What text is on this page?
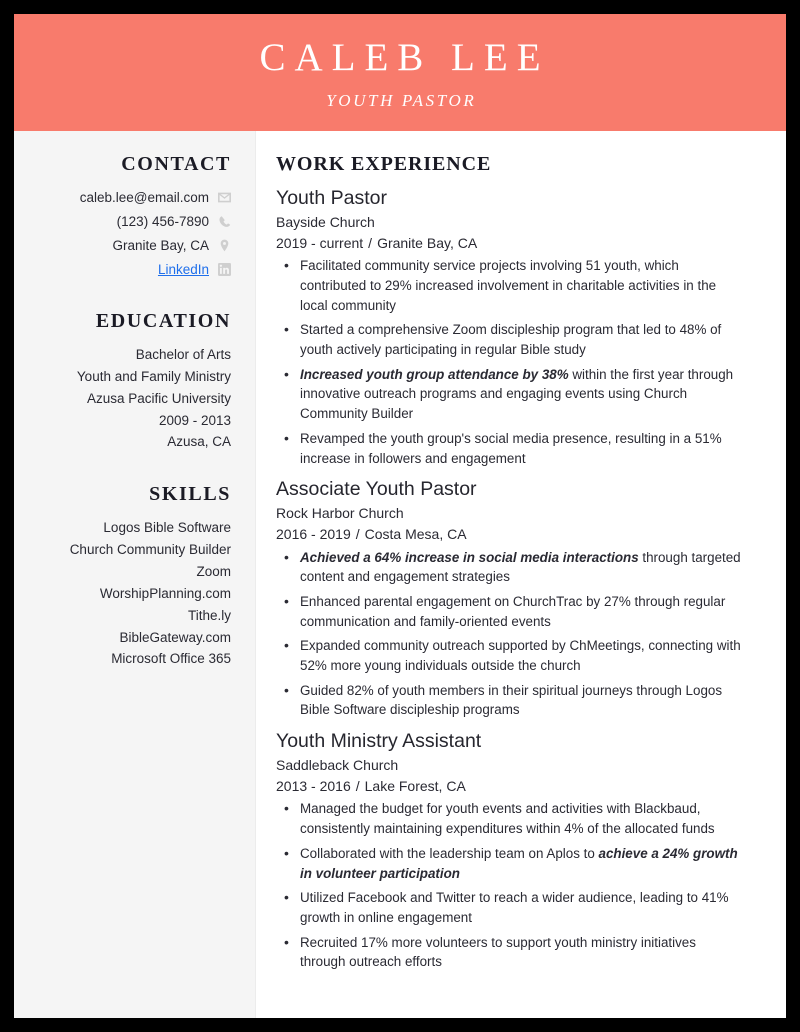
CALEB LEE
YOUTH PASTOR
CONTACT
caleb.lee@email.com
(123) 456-7890
Granite Bay, CA
LinkedIn
EDUCATION
Bachelor of Arts
Youth and Family Ministry
Azusa Pacific University
2009 - 2013
Azusa, CA
SKILLS
Logos Bible Software
Church Community Builder
Zoom
WorshipPlanning.com
Tithe.ly
BibleGateway.com
Microsoft Office 365
WORK EXPERIENCE
Youth Pastor
Bayside Church
2019 - current / Granite Bay, CA
• Facilitated community service projects involving 51 youth, which contributed to 29% increased involvement in charitable activities in the local community
• Started a comprehensive Zoom discipleship program that led to 48% of youth actively participating in regular Bible study
• Increased youth group attendance by 38% within the first year through innovative outreach programs and engaging events using Church Community Builder
• Revamped the youth group's social media presence, resulting in a 51% increase in followers and engagement
Associate Youth Pastor
Rock Harbor Church
2016 - 2019 / Costa Mesa, CA
• Achieved a 64% increase in social media interactions through targeted content and engagement strategies
• Enhanced parental engagement on ChurchTrac by 27% through regular communication and family-oriented events
• Expanded community outreach supported by ChMeetings, connecting with 52% more young individuals outside the church
• Guided 82% of youth members in their spiritual journeys through Logos Bible Software discipleship programs
Youth Ministry Assistant
Saddleback Church
2013 - 2016 / Lake Forest, CA
• Managed the budget for youth events and activities with Blackbaud, consistently maintaining expenditures within 4% of the allocated funds
• Collaborated with the leadership team on Aplos to achieve a 24% growth in volunteer participation
• Utilized Facebook and Twitter to reach a wider audience, leading to 41% growth in online engagement
• Recruited 17% more volunteers to support youth ministry initiatives through outreach efforts
